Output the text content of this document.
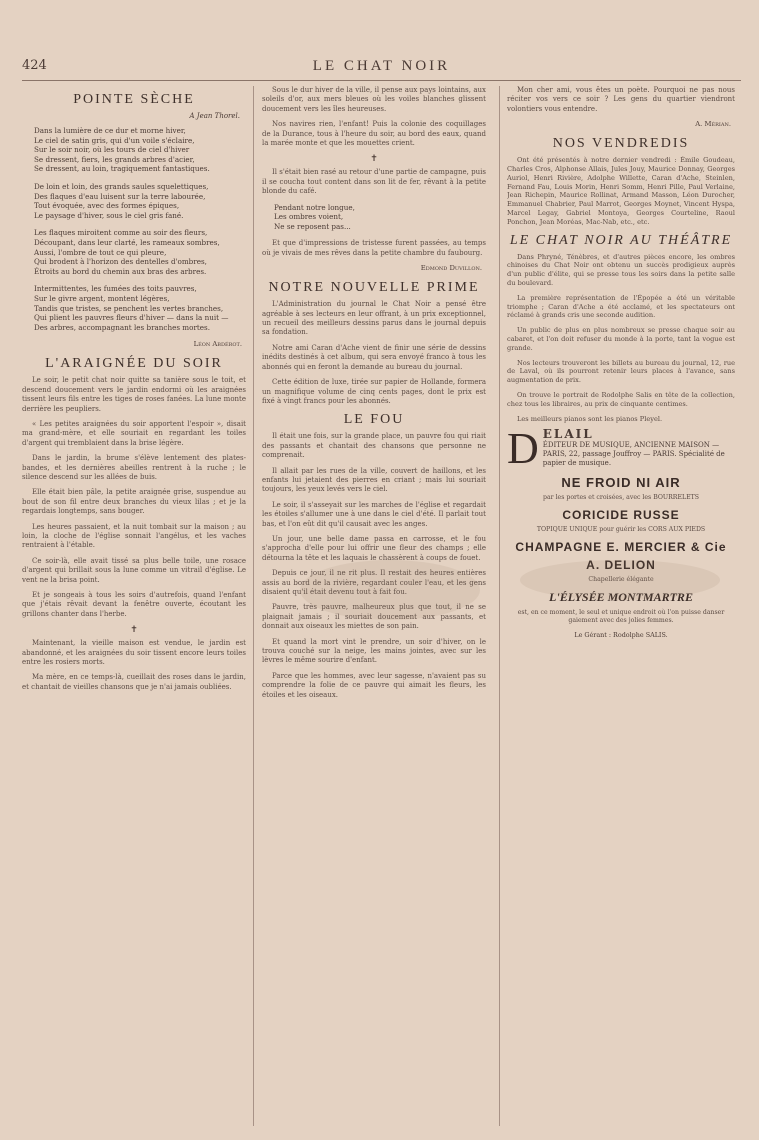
424	LE CHAT NOIR
POINTE SÈCHE
A Jean Thorel.
Dans la lumière de ce dur et morne hiver,
Le ciel de satin gris, qui d'un voile s'éclaire,
Sur le soir noir, où les tours de ciel d'hiver
Se dressent, fiers, les grands arbres d'acier,
Se dressent, au loin, tragiquement fantastiques.
De loin et loin, des grands saules squelettiques,
Des flaques d'eau luisent sur la terre labourée,
Tout évoquée, avec des formes épiques,
Le paysage d'hiver, sous le ciel gris fané.
Les flaques miroitent comme au soir des fleurs,
Découpant, dans leur clarté, les rameaux sombres,
Aussi, l'ombre de tout ce qui pleure,
Qui brodent à l'horizon des dentelles d'ombres,
Étroits au bord du chemin aux bras des arbres.
Intermittentes, les fumées des toits pauvres,
Sur le givre argent, montent légères,
Tandis que tristes, se penchent les vertes branches,
Qui plient les pauvres fleurs d'hiver — dans la nuit —
Des arbres, accompagnant les branches mortes.
Léon Abdérot.
L'ARAIGNÉE DU SOIR

Le soir, le petit chat noir quitte sa tanière sous le toit, et descend doucement vers le jardin endormi où les araignées tissent leurs fils entre les tiges de roses fanées. La lune monte derrière les peupliers.

« Les petites araignées du soir apportent l'espoir », disait ma grand-mère, et elle souriait en regardant les toiles d'argent qui tremblaient dans la brise légère.

Dans le jardin, la brume s'élève lentement des plates-bandes, et les dernières abeilles rentrent à la ruche ; le silence descend sur les allées de buis.

Elle était bien pâle, la petite araignée grise, suspendue au bout de son fil entre deux branches du vieux lilas ; et je la regardais longtemps, sans bouger.

Les heures passaient, et la nuit tombait sur la maison ; au loin, la cloche de l'église sonnait l'angélus, et les vaches rentraient à l'étable.

Ce soir-là, elle avait tissé sa plus belle toile, une rosace d'argent qui brillait sous la lune comme un vitrail d'église. Le vent ne la brisa point.

Et je songeais à tous les soirs d'autrefois, quand l'enfant que j'étais rêvait devant la fenêtre ouverte, écoutant les grillons chanter dans l'herbe.

✝

Maintenant, la vieille maison est vendue, le jardin est abandonné, et les araignées du soir tissent encore leurs toiles entre les rosiers morts.

Ma mère, en ce temps-là, cueillait des roses dans le jardin, et chantait de vieilles chansons que je n'ai jamais oubliées.

Sous le dur hiver de la ville, il pense aux pays lointains, aux soleils d'or, aux mers bleues où les voiles blanches glissent doucement vers les îles heureuses.

Nos navires rien, l'enfant! Puis la colonie des coquillages de la Durance, tous à l'heure du soir, au bord des eaux, quand la marée monte et que les mouettes crient.

✝

Il s'était bien rasé au retour d'une partie de campagne, puis il se coucha tout content dans son lit de fer, rêvant à la petite blonde du café.

Pendant notre longue,
Les ombres voient,
Ne se reposent pas...

Et que d'impressions de tristesse furent passées, au temps où je vivais de mes rêves dans la petite chambre du faubourg.

Edmond Duvillon.
NOTRE NOUVELLE PRIME

L'Administration du journal le Chat Noir a pensé être agréable à ses lecteurs en leur offrant, à un prix exceptionnel, un recueil des meilleurs dessins parus dans le journal depuis sa fondation.

Notre ami Caran d'Ache vient de finir une série de dessins inédits destinés à cet album, qui sera envoyé franco à tous les abonnés qui en feront la demande au bureau du journal.

Cette édition de luxe, tirée sur papier de Hollande, formera un magnifique volume de cinq cents pages, dont le prix est fixé à vingt francs pour les abonnés.

LE FOU

Il était une fois, sur la grande place, un pauvre fou qui riait des passants et chantait des chansons que personne ne comprenait.

Il allait par les rues de la ville, couvert de haillons, et les enfants lui jetaient des pierres en criant ; mais lui souriait toujours, les yeux levés vers le ciel.

Le soir, il s'asseyait sur les marches de l'église et regardait les étoiles s'allumer une à une dans le ciel d'été. Il parlait tout bas, et l'on eût dit qu'il causait avec les anges.

Un jour, une belle dame passa en carrosse, et le fou s'approcha d'elle pour lui offrir une fleur des champs ; elle détourna la tête et les laquais le chassèrent à coups de fouet.

Depuis ce jour, il ne rit plus. Il restait des heures entières assis au bord de la rivière, regardant couler l'eau, et les gens disaient qu'il était devenu tout à fait fou.

Pauvre, très pauvre, malheureux plus que tout, il ne se plaignait jamais ; il souriait doucement aux passants, et donnait aux oiseaux les miettes de son pain.

Et quand la mort vint le prendre, un soir d'hiver, on le trouva couché sur la neige, les mains jointes, avec sur les lèvres le même sourire d'enfant.

Parce que les hommes, avec leur sagesse, n'avaient pas su comprendre la folie de ce pauvre qui aimait les fleurs, les étoiles et les oiseaux.

Mon cher ami, vous êtes un poète. Pourquoi ne pas nous réciter vos vers ce soir ? Les gens du quartier viendront volontiers vous entendre.

A. Mérian.
NOS VENDREDIS

Ont été présentés à notre dernier vendredi : Émile Goudeau, Charles Cros, Alphonse Allais, Jules Jouy, Maurice Donnay, Georges Auriol, Henri Rivière, Adolphe Willette, Caran d'Ache, Steinlen, Fernand Fau, Louis Morin, Henri Somm, Henri Pille, Paul Verlaine, Jean Richepin, Maurice Rollinat, Armand Masson, Léon Durocher, Emmanuel Chabrier, Paul Marrot, Georges Moynet, Vincent Hyspa, Marcel Legay, Gabriel Montoya, Georges Courteline, Raoul Ponchon, Jean Moréas, Mac-Nab, etc., etc.

LE CHAT NOIR AU THÉÂTRE

Dans Phryné, Ténèbres, et d'autres pièces encore, les ombres chinoises du Chat Noir ont obtenu un succès prodigieux auprès d'un public d'élite, qui se presse tous les soirs dans la petite salle du boulevard.

La première représentation de l'Épopée a été un véritable triomphe ; Caran d'Ache a été acclamé, et les spectateurs ont réclamé à grands cris une seconde audition.

Un public de plus en plus nombreux se presse chaque soir au cabaret, et l'on doit refuser du monde à la porte, tant la vogue est grande.

Nos lecteurs trouveront les billets au bureau du journal, 12, rue de Laval, où ils pourront retenir leurs places à l'avance, sans augmentation de prix.

On trouve le portrait de Rodolphe Salis en tête de la collection, chez tous les libraires, au prix de cinquante centimes.

Les meilleurs pianos sont les pianos Pleyel.

D ELAIL
ÉDITEUR DE MUSIQUE, ANCIENNE MAISON — PARIS, 22, passage Jouffroy — PARIS. Spécialité de papier de musique.
NE FROID NI AIR
par les portes et croisées, avec les BOURRELETS
CORICIDE RUSSE
TOPIQUE UNIQUE pour guérir les CORS AUX PIEDS
CHAMPAGNE E. MERCIER & Cie
A. DELION
Chapellerie élégante
L'ÉLYSÉE MONTMARTRE
est, en ce moment, le seul et unique endroit où l'on puisse danser gaiement avec des jolies femmes.
Le Gérant : Rodolphe SALIS.
